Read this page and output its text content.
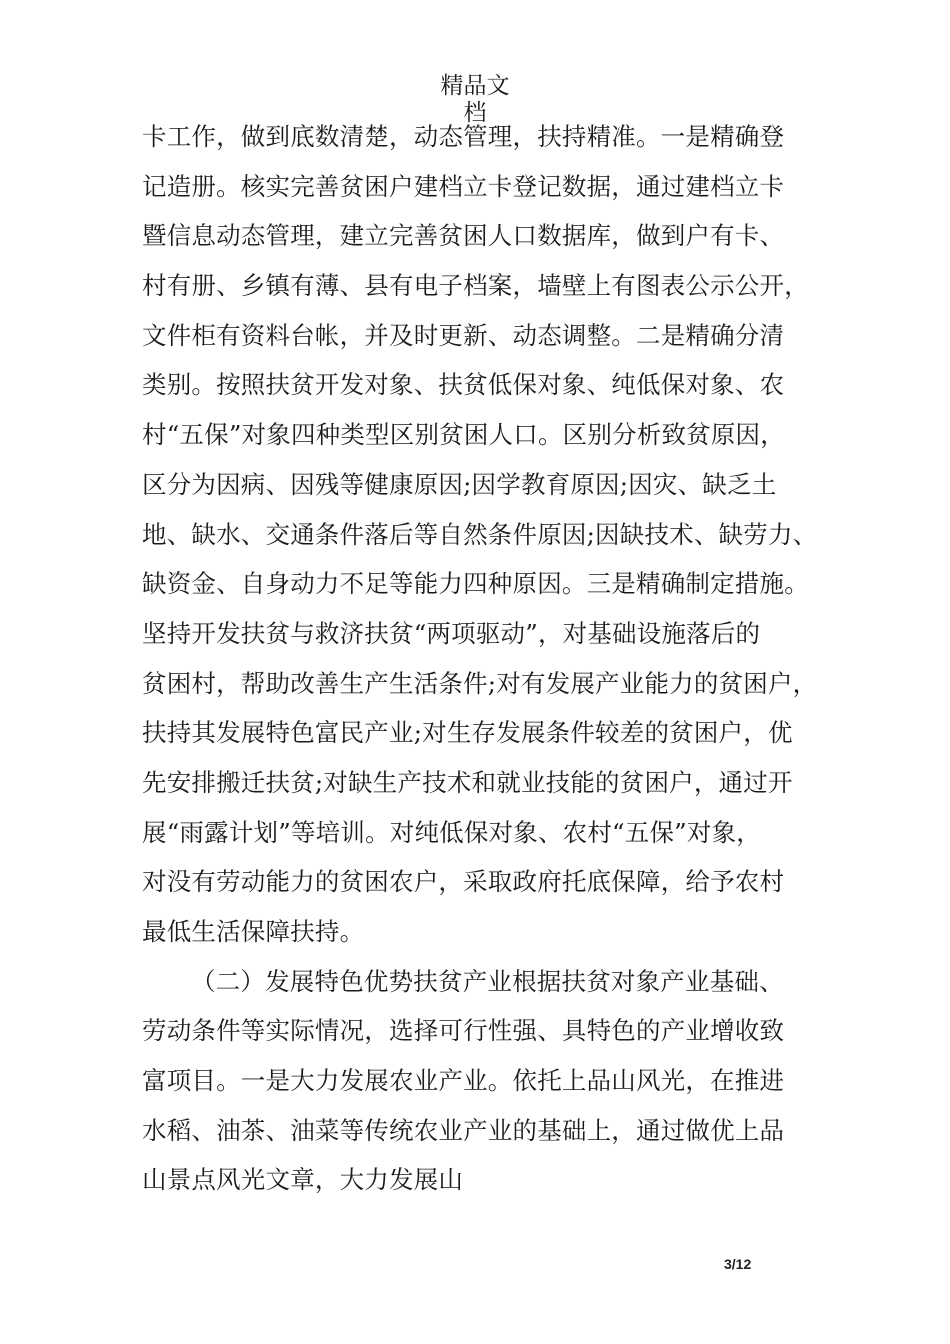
精品文
档
卡工作，做到底数清楚，动态管理，扶持精准。一是精确登
记造册。核实完善贫困户建档立卡登记数据，通过建档立卡
暨信息动态管理，建立完善贫困人口数据库，做到户有卡、
村有册、乡镇有薄、县有电子档案，墙壁上有图表公示公开，
文件柜有资料台帐，并及时更新、动态调整。二是精确分清
类别。按照扶贫开发对象、扶贫低保对象、纯低保对象、农
村“五保”对象四种类型区别贫困人口。区别分析致贫原因，
区分为因病、因残等健康原因;因学教育原因;因灾、缺乏土
地、缺水、交通条件落后等自然条件原因;因缺技术、缺劳力、
缺资金、自身动力不足等能力四种原因。三是精确制定措施。
坚持开发扶贫与救济扶贫“两项驱动”，对基础设施落后的
贫困村，帮助改善生产生活条件;对有发展产业能力的贫困户，
扶持其发展特色富民产业;对生存发展条件较差的贫困户，优
先安排搬迁扶贫;对缺生产技术和就业技能的贫困户，通过开
展“雨露计划”等培训。对纯低保对象、农村“五保”对象，
对没有劳动能力的贫困农户，采取政府托底保障，给予农村
最低生活保障扶持。
（二）发展特色优势扶贫产业根据扶贫对象产业基础、
劳动条件等实际情况，选择可行性强、具特色的产业增收致
富项目。一是大力发展农业产业。依托上品山风光，在推进
水稻、油茶、油菜等传统农业产业的基础上，通过做优上品
山景点风光文章，大力发展山
3/12
